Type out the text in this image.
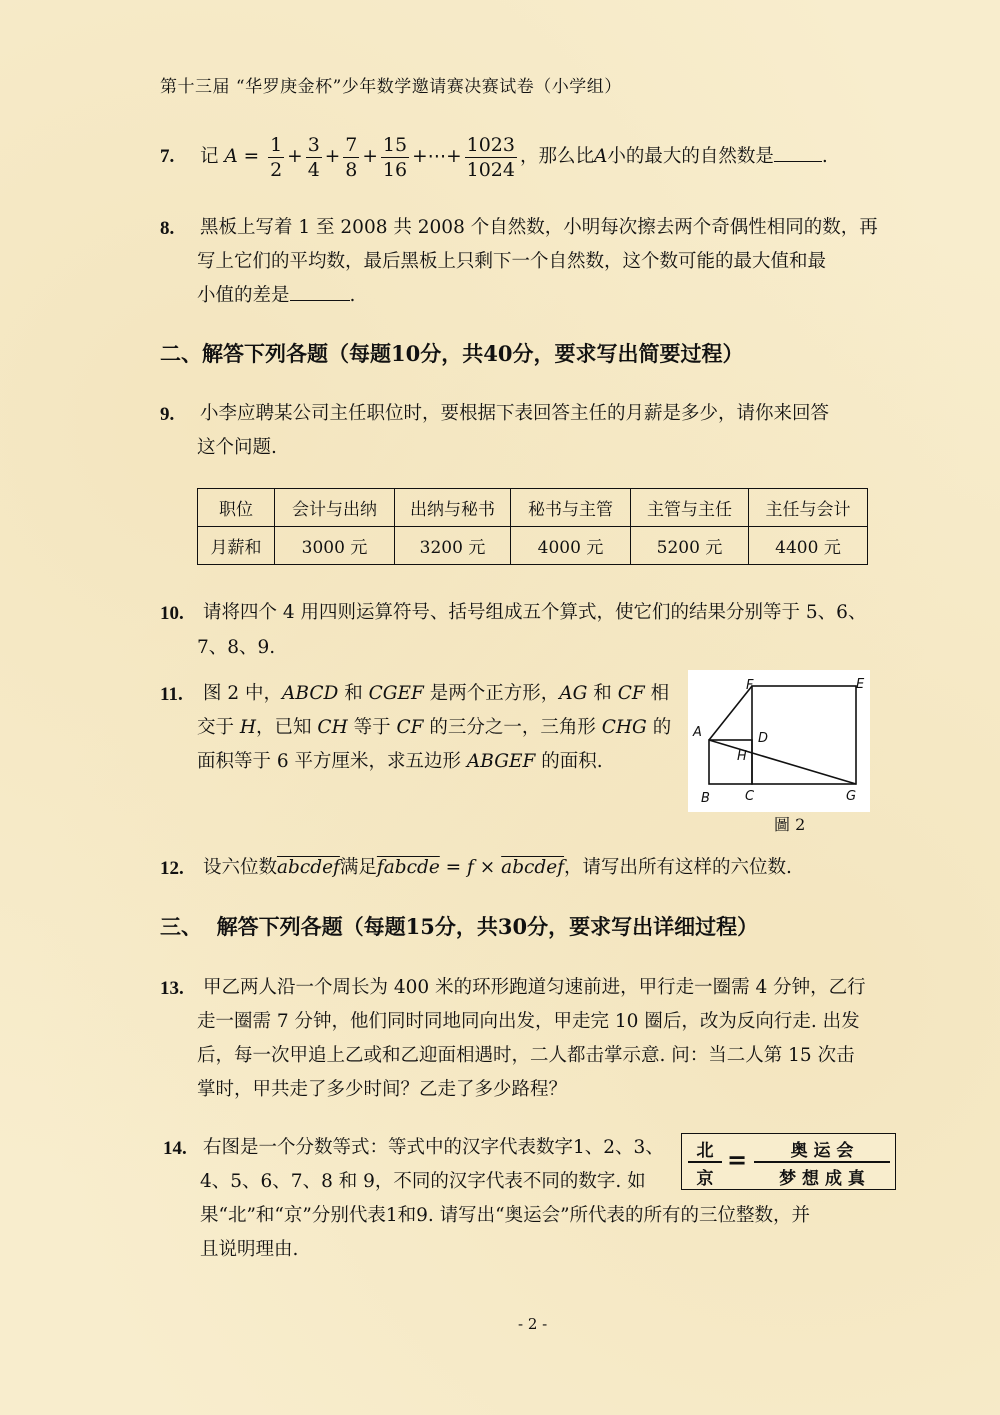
第十三届 “华罗庚金杯”少年数学邀请赛决赛试卷（小学组）
7. 记 $A = \frac{1}{2} + \frac{3}{4} + \frac{7}{8} + \frac{15}{16}$ +⋯+ $\frac{1023}{1024}$ ，那么比A小的最大的自然数是	.
8. 黑板上写着 1 至 2008 共 2008 个自然数，小明每次擦去两个奇偶性相同的数，再
写上它们的平均数，最后黑板上只剩下一个自然数，这个数可能的最大值和最
小值的差是	.
二、解答下列各题（每题10分，共40分，要求写出简要过程）
9. 小李应聘某公司主任职位时，要根据下表回答主任的月薪是多少，请你来回答
这个问题.
职位	会计与出纳	出纳与秘书	秘书与主管	主管与主任	主任与会计
月薪和	3000 元	3200 元	4000 元	5200 元	4400 元
10. 请将四个 4 用四则运算符号、括号组成五个算式，使它们的结果分别等于 5、6、
7、8、9.
11. 图 2 中，ABCD 和 CGEF 是两个正方形，AG 和 CF 相
交于 H，已知 CH 等于 CF 的三分之一，三角形 CHG 的
面积等于 6 平方厘米，求五边形 ABGEF 的面积.
A
B	C
D
E
F
G
H
圖 2
12. 设六位数abcdef满足fabcde = f × abcdef，请写出所有这样的六位数.
三、  解答下列各题（每题15分，共30分，要求写出详细过程）
13. 甲乙两人沿一个周长为 400 米的环形跑道匀速前进，甲行走一圈需 4 分钟，乙行
走一圈需 7 分钟，他们同时同地同向出发，甲走完 10 圈后，改为反向行走. 出发
后，每一次甲追上乙或和乙迎面相遇时，二人都击掌示意. 问：当二人第 15 次击
掌时，甲共走了多少时间？乙走了多少路程？
14. 右图是一个分数等式：等式中的汉字代表数字1、2、3、
4、5、6、7、8 和 9，不同的汉字代表不同的数字. 如
果“北”和“京”分别代表1和9. 请写出“奥运会”所代表的所有的三位整数，并
且说明理由.
北
京
=	奥 运 会
梦 想 成 真
- 2 -
